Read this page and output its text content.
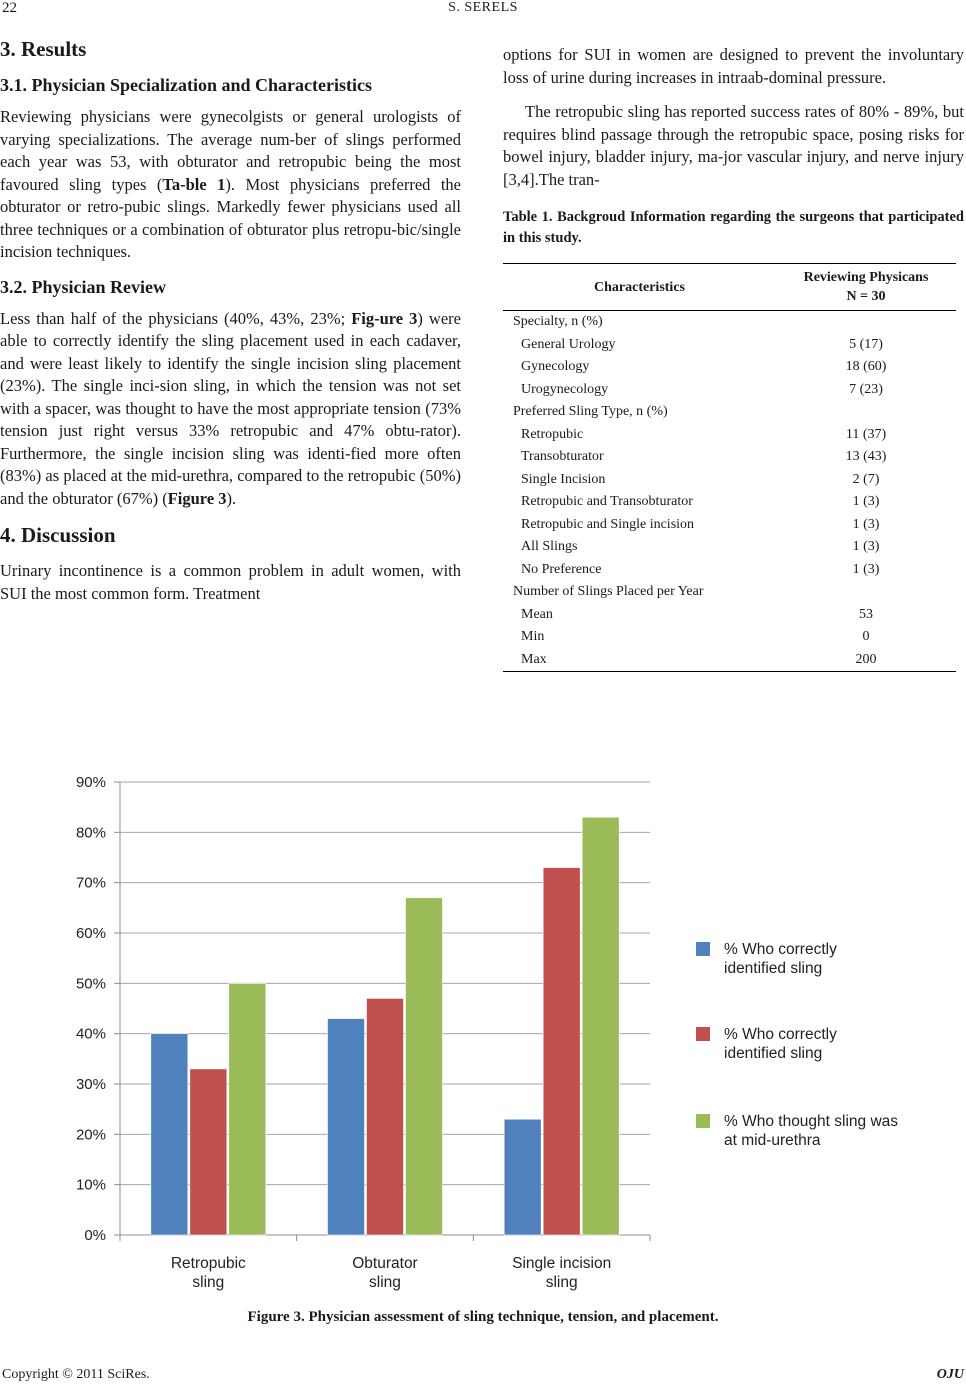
22	S. SERELS
3. Results
3.1. Physician Specialization and Characteristics

Reviewing physicians were gynecolgists or general urologists of varying specializations. The average num-ber of slings performed each year was 53, with obturator and retropubic being the most favoured sling types (Ta-ble 1). Most physicians preferred the obturator or retro-pubic slings. Markedly fewer physicians used all three techniques or a combination of obturator plus retropu-bic/single incision techniques.

3.2. Physician Review

Less than half of the physicians (40%, 43%, 23%; Fig-ure 3) were able to correctly identify the sling placement used in each cadaver, and were least likely to identify the single incision sling placement (23%). The single inci-sion sling, in which the tension was not set with a spacer, was thought to have the most appropriate tension (73% tension just right versus 33% retropubic and 47% obtu-rator). Furthermore, the single incision sling was identi-fied more often (83%) as placed at the mid-urethra, compared to the retropubic (50%) and the obturator (67%) (Figure 3).

4. Discussion

Urinary incontinence is a common problem in adult women, with SUI the most common form. Treatment

options for SUI in women are designed to prevent the involuntary loss of urine during increases in intraab-dominal pressure.

The retropubic sling has reported success rates of 80% - 89%, but requires blind passage through the retropubic space, posing risks for bowel injury, bladder injury, ma-jor vascular injury, and nerve injury [3,4].The tran-

Table 1. Backgroud Information regarding the surgeons that participated in this study.
Characteristics	Reviewing Physicans
N = 30
Specialty, n (%)	
General Urology	5 (17)
Gynecology	18 (60)
Urogynecology	7 (23)
Preferred Sling Type, n (%)	
Retropubic	11 (37)
Transobturator	13 (43)
Single Incision	2 (7)
Retropubic and Transobturator	1 (3)
Retropubic and Single incision	1 (3)
All Slings	1 (3)
No Preference	1 (3)
Number of Slings Placed per Year	
Mean	53
Min	0
Max	200
0%
10%
20%
30%
40%
50%
60%
70%
80%
90%
Retropubic
sling
Obturator
sling
Single incision
sling
% Who correctly
identified sling
% Who correctly
identified sling
% Who thought sling was
at mid-urethra
Figure 3. Physician assessment of sling technique, tension, and placement.
Copyright © 2011 SciRes.	OJU
